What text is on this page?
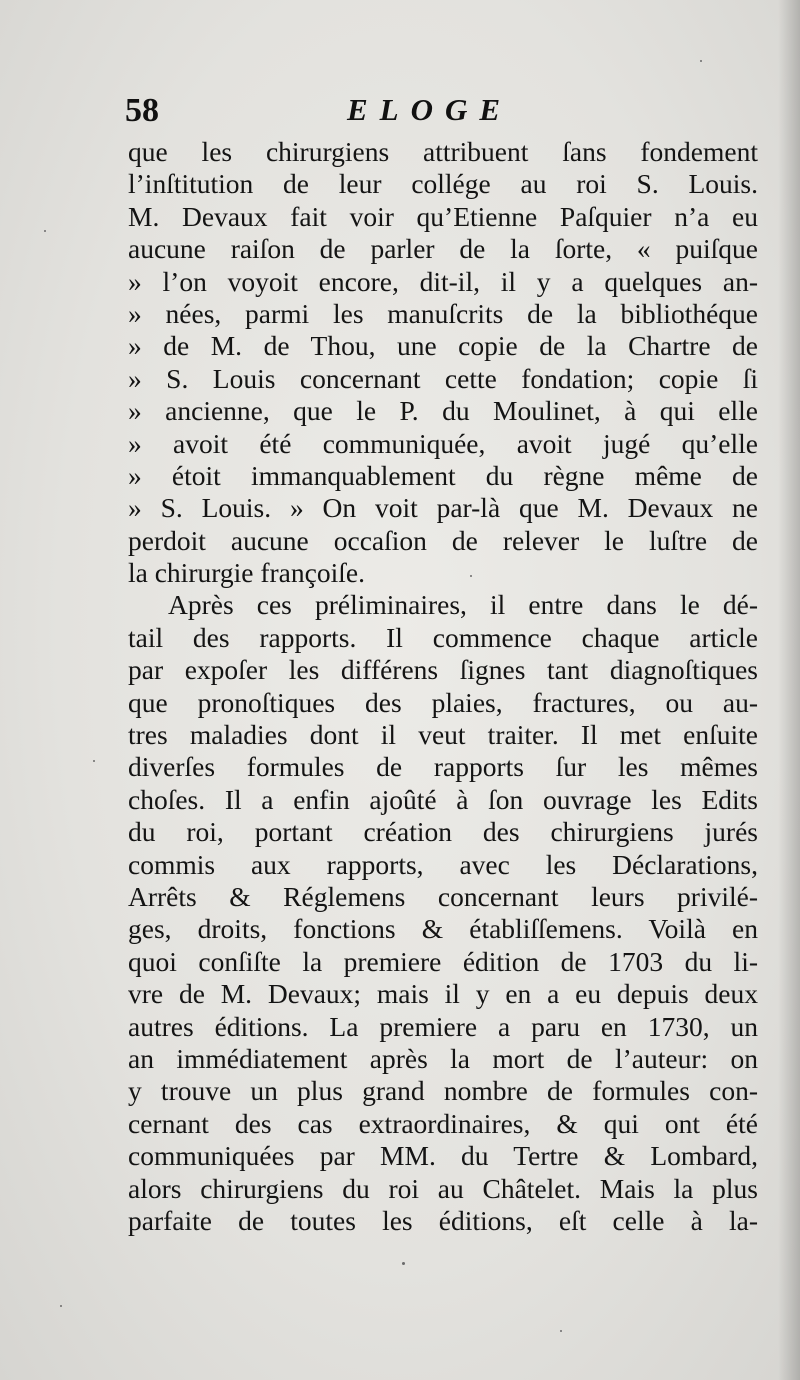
58	ELOGE
que les chirurgiens attribuent ſans fondement
l’inſtitution de leur collége au roi S. Louis.
M. Devaux fait voir qu’Etienne Paſquier n’a eu
aucune raiſon de parler de la ſorte, « puiſque
» l’on voyoit encore, dit-il, il y a quelques an-
» nées, parmi les manuſcrits de la bibliothéque
» de M. de Thou, une copie de la Chartre de
» S. Louis concernant cette fondation; copie ſi
» ancienne, que le P. du Moulinet, à qui elle
» avoit été communiquée, avoit jugé qu’elle
» étoit immanquablement du règne même de
» S. Louis. » On voit par-là que M. Devaux ne
perdoit aucune occaſion de relever le luſtre de
la chirurgie françoiſe.
Après ces préliminaires, il entre dans le dé-
tail des rapports. Il commence chaque article
par expoſer les différens ſignes tant diagnoſtiques
que pronoſtiques des plaies, fractures, ou au-
tres maladies dont il veut traiter. Il met enſuite
diverſes formules de rapports ſur les mêmes
choſes. Il a enfin ajoûté à ſon ouvrage les Edits
du roi, portant création des chirurgiens jurés
commis aux rapports, avec les Déclarations,
Arrêts & Réglemens concernant leurs privilé-
ges, droits, fonctions & établiſſemens. Voilà en
quoi conſiſte la premiere édition de 1703 du li-
vre de M. Devaux; mais il y en a eu depuis deux
autres éditions. La premiere a paru en 1730, un
an immédiatement après la mort de l’auteur: on
y trouve un plus grand nombre de formules con-
cernant des cas extraordinaires, & qui ont été
communiquées par MM. du Tertre & Lombard,
alors chirurgiens du roi au Châtelet. Mais la plus
parfaite de toutes les éditions, eſt celle à la-
